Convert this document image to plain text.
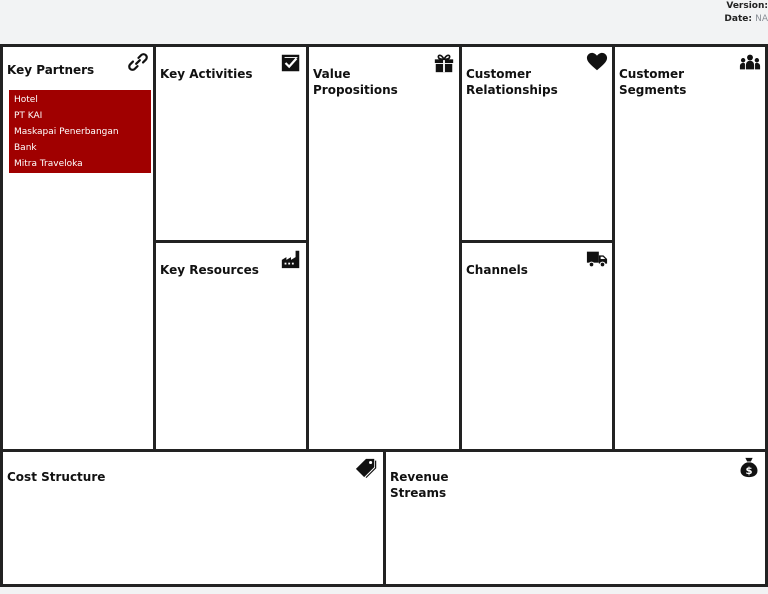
Version:
Date: NA
Key Partners
Hotel
PT KAI
Maskapai Penerbangan
Bank
Mitra Traveloka
Key Activities
Key Resources
Value Propositions
Customer Relationships
Channels
Customer Segments
Cost Structure	Revenue Streams
$
